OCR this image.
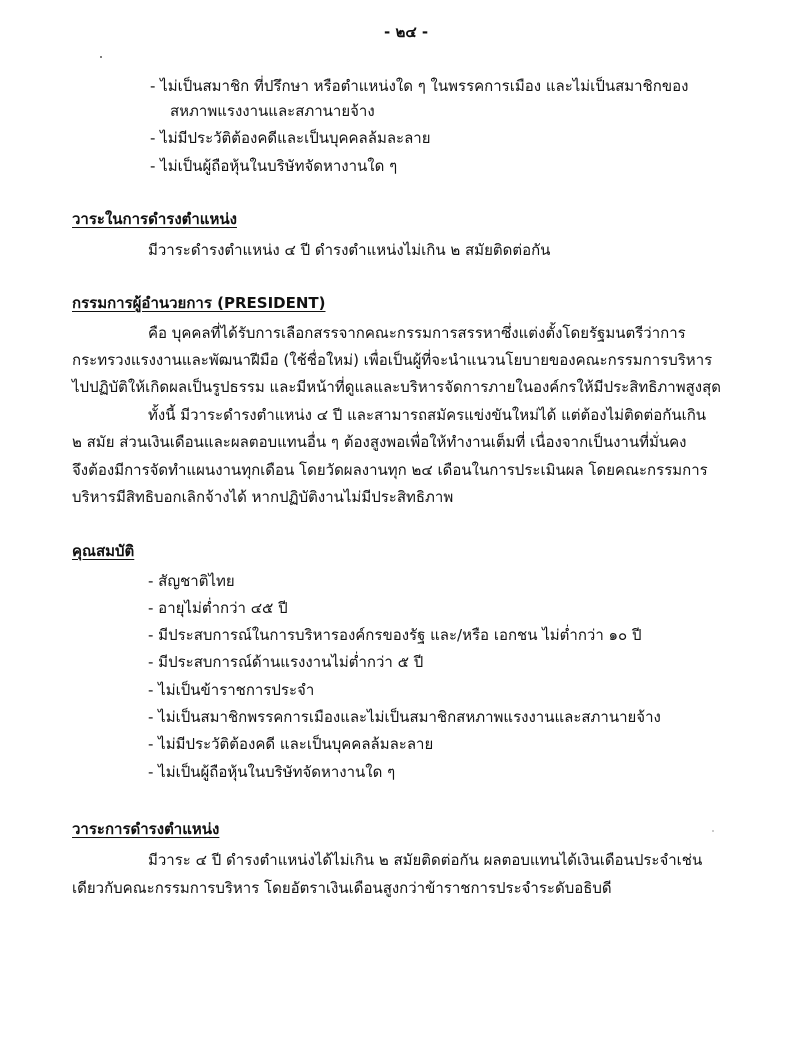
- ๒๔ -
- ไม่เป็นสมาชิก ที่ปรึกษา หรือตำแหน่งใด ๆ ในพรรคการเมือง และไม่เป็นสมาชิกของ
สหภาพแรงงานและสภานายจ้าง
- ไม่มีประวัติต้องคดีและเป็นบุคคลล้มละลาย
- ไม่เป็นผู้ถือหุ้นในบริษัทจัดหางานใด ๆ
วาระในการดำรงตำแหน่ง
มีวาระดำรงตำแหน่ง ๔ ปี ดำรงตำแหน่งไม่เกิน ๒ สมัยติดต่อกัน
กรรมการผู้อำนวยการ (PRESIDENT)
คือ บุคคลที่ได้รับการเลือกสรรจากคณะกรรมการสรรหาซึ่งแต่งตั้งโดยรัฐมนตรีว่าการ
กระทรวงแรงงานและพัฒนาฝีมือ (ใช้ชื่อใหม่) เพื่อเป็นผู้ที่จะนำแนวนโยบายของคณะกรรมการบริหาร
ไปปฏิบัติให้เกิดผลเป็นรูปธรรม และมีหน้าที่ดูแลและบริหารจัดการภายในองค์กรให้มีประสิทธิภาพสูงสุด
ทั้งนี้ มีวาระดำรงตำแหน่ง ๔ ปี และสามารถสมัครแข่งขันใหม่ได้ แต่ต้องไม่ติดต่อกันเกิน
๒ สมัย ส่วนเงินเดือนและผลตอบแทนอื่น ๆ ต้องสูงพอเพื่อให้ทำงานเต็มที่ เนื่องจากเป็นงานที่มั่นคง
จึงต้องมีการจัดทำแผนงานทุกเดือน โดยวัดผลงานทุก ๒๔ เดือนในการประเมินผล โดยคณะกรรมการ
บริหารมีสิทธิบอกเลิกจ้างได้ หากปฏิบัติงานไม่มีประสิทธิภาพ
คุณสมบัติ
- สัญชาติไทย
- อายุไม่ต่ำกว่า ๔๕ ปี
- มีประสบการณ์ในการบริหารองค์กรของรัฐ และ/หรือ เอกชน ไม่ต่ำกว่า ๑๐ ปี
- มีประสบการณ์ด้านแรงงานไม่ต่ำกว่า ๕ ปี
- ไม่เป็นข้าราชการประจำ
- ไม่เป็นสมาชิกพรรคการเมืองและไม่เป็นสมาชิกสหภาพแรงงานและสภานายจ้าง
- ไม่มีประวัติต้องคดี และเป็นบุคคลล้มละลาย
- ไม่เป็นผู้ถือหุ้นในบริษัทจัดหางานใด ๆ
วาระการดำรงตำแหน่ง
มีวาระ ๔ ปี ดำรงตำแหน่งได้ไม่เกิน ๒ สมัยติดต่อกัน ผลตอบแทนได้เงินเดือนประจำเช่น
เดียวกับคณะกรรมการบริหาร โดยอัตราเงินเดือนสูงกว่าข้าราชการประจำระดับอธิบดี
